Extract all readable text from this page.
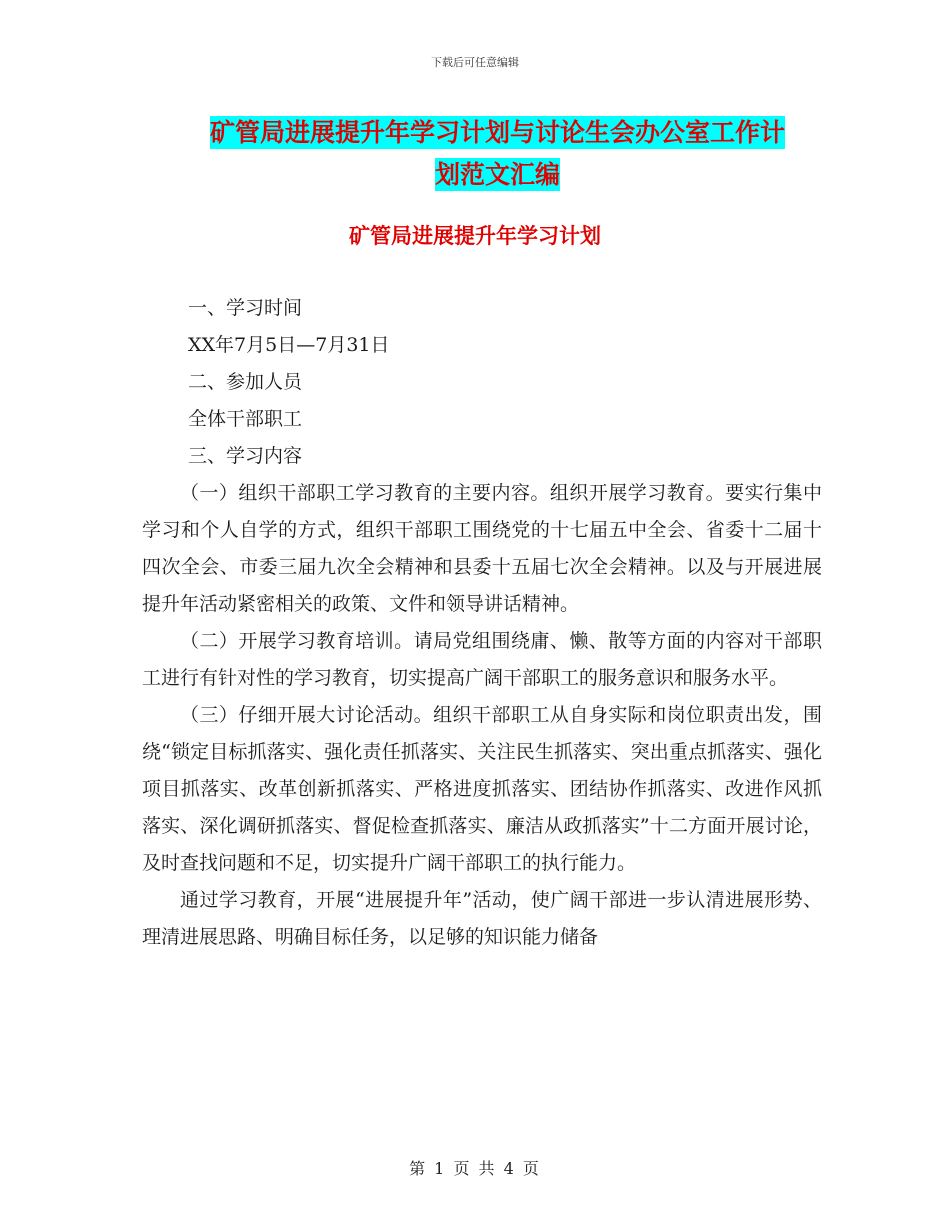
下载后可任意编辑
矿管局进展提升年学习计划与讨论生会办公室工作计
划范文汇编
矿管局进展提升年学习计划
一、学习时间
XX年7月5日—7月31日
二、参加人员
全体干部职工
三、学习内容

（一）组织干部职工学习教育的主要内容。组织开展学习教育。要实行集中学习和个人自学的方式，组织干部职工围绕党的十七届五中全会、省委十二届十四次全会、市委三届九次全会精神和县委十五届七次全会精神。以及与开展进展提升年活动紧密相关的政策、文件和领导讲话精神。

（二）开展学习教育培训。请局党组围绕庸、懒、散等方面的内容对干部职工进行有针对性的学习教育，切实提高广阔干部职工的服务意识和服务水平。

（三）仔细开展大讨论活动。组织干部职工从自身实际和岗位职责出发，围绕“锁定目标抓落实、强化责任抓落实、关注民生抓落实、突出重点抓落实、强化项目抓落实、改革创新抓落实、严格进度抓落实、团结协作抓落实、改进作风抓落实、深化调研抓落实、督促检查抓落实、廉洁从政抓落实”十二方面开展讨论，及时查找问题和不足，切实提升广阔干部职工的执行能力。

通过学习教育，开展“进展提升年”活动，使广阔干部进一步认清进展形势、理清进展思路、明确目标任务，以足够的知识能力储备

第 1 页 共 4 页
